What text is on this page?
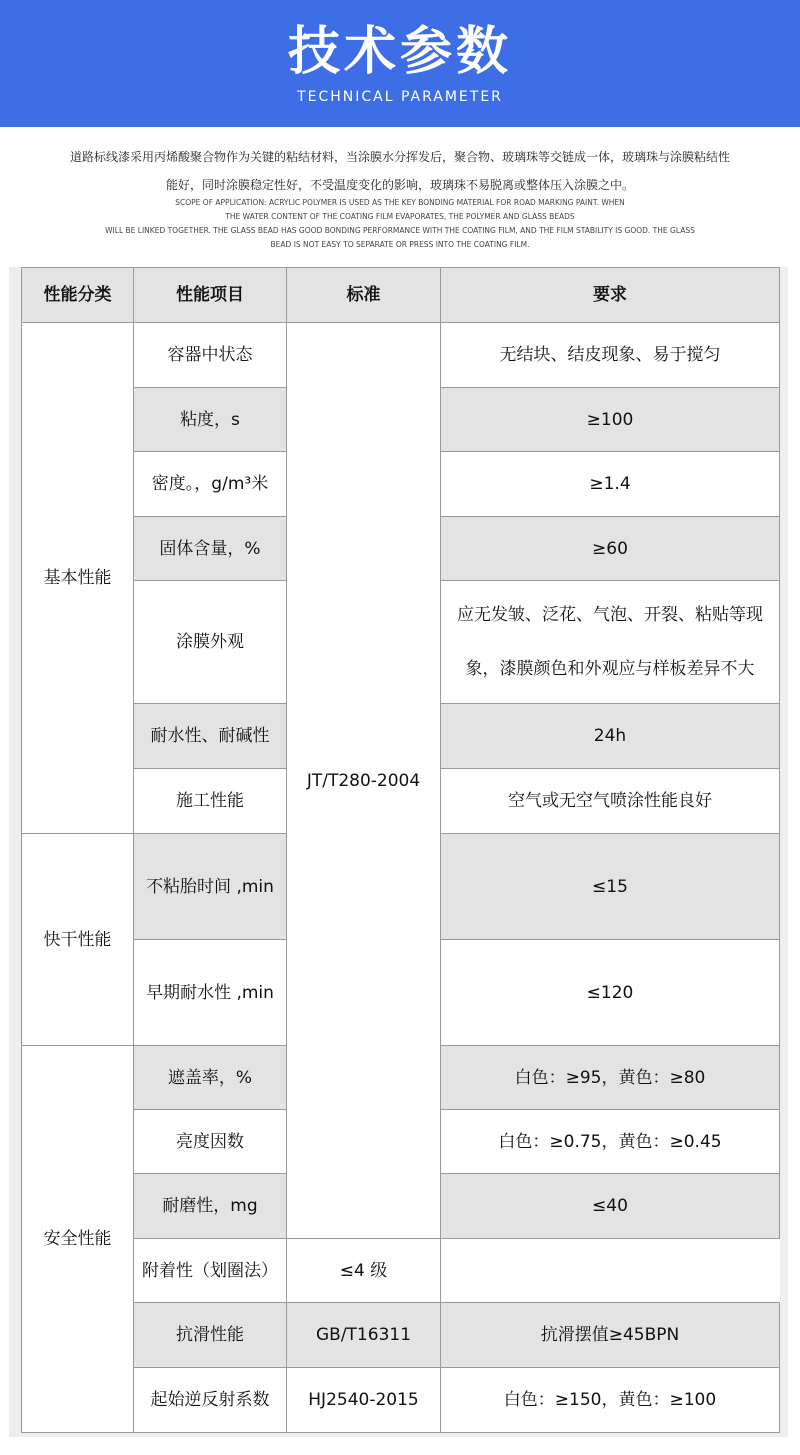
技术参数
TECHNICAL PARAMETER
道路标线漆采用丙烯酸聚合物作为关键的粘结材料，当涂膜水分挥发后，聚合物、玻璃珠等交链成一体，玻璃珠与涂膜粘结性
能好，同时涂膜稳定性好，不受温度变化的影响，玻璃珠不易脱离或整体压入涂膜之中。
SCOPE OF APPLICATION: ACRYLIC POLYMER IS USED AS THE KEY BONDING MATERIAL FOR ROAD MARKING PAINT. WHEN
THE WATER CONTENT OF THE COATING FILM EVAPORATES, THE POLYMER AND GLASS BEADS
WILL BE LINKED TOGETHER. THE GLASS BEAD HAS GOOD BONDING PERFORMANCE WITH THE COATING FILM, AND THE FILM STABILITY IS GOOD. THE GLASS
BEAD IS NOT EASY TO SEPARATE OR PRESS INTO THE COATING FILM.
性能分类	性能项目	标准	要求
基本性能	容器中状态	JT/T280-2004	无结块、结皮现象、易于搅匀
	粘度，s		≥100
	密度。，g/m³米		≥1.4
	固体含量，%		≥60
	涂膜外观		应无发皱、泛花、气泡、开裂、粘贴等现象，漆膜颜色和外观应与样板差异不大
	耐水性、耐碱性		24h
	施工性能		空气或无空气喷涂性能良好
快干性能	不粘胎时间 ,min		≤15
	早期耐水性 ,min		≤120
安全性能	遮盖率，%		白色：≥95，黄色：≥80
	亮度因数		白色：≥0.75，黄色：≥0.45
	耐磨性，mg		≤40
	附着性（划圈法）	≤4 级	
	抗滑性能	GB/T16311	抗滑摆值≥45BPN
	起始逆反射系数	HJ2540-2015	白色：≥150，黄色：≥100
